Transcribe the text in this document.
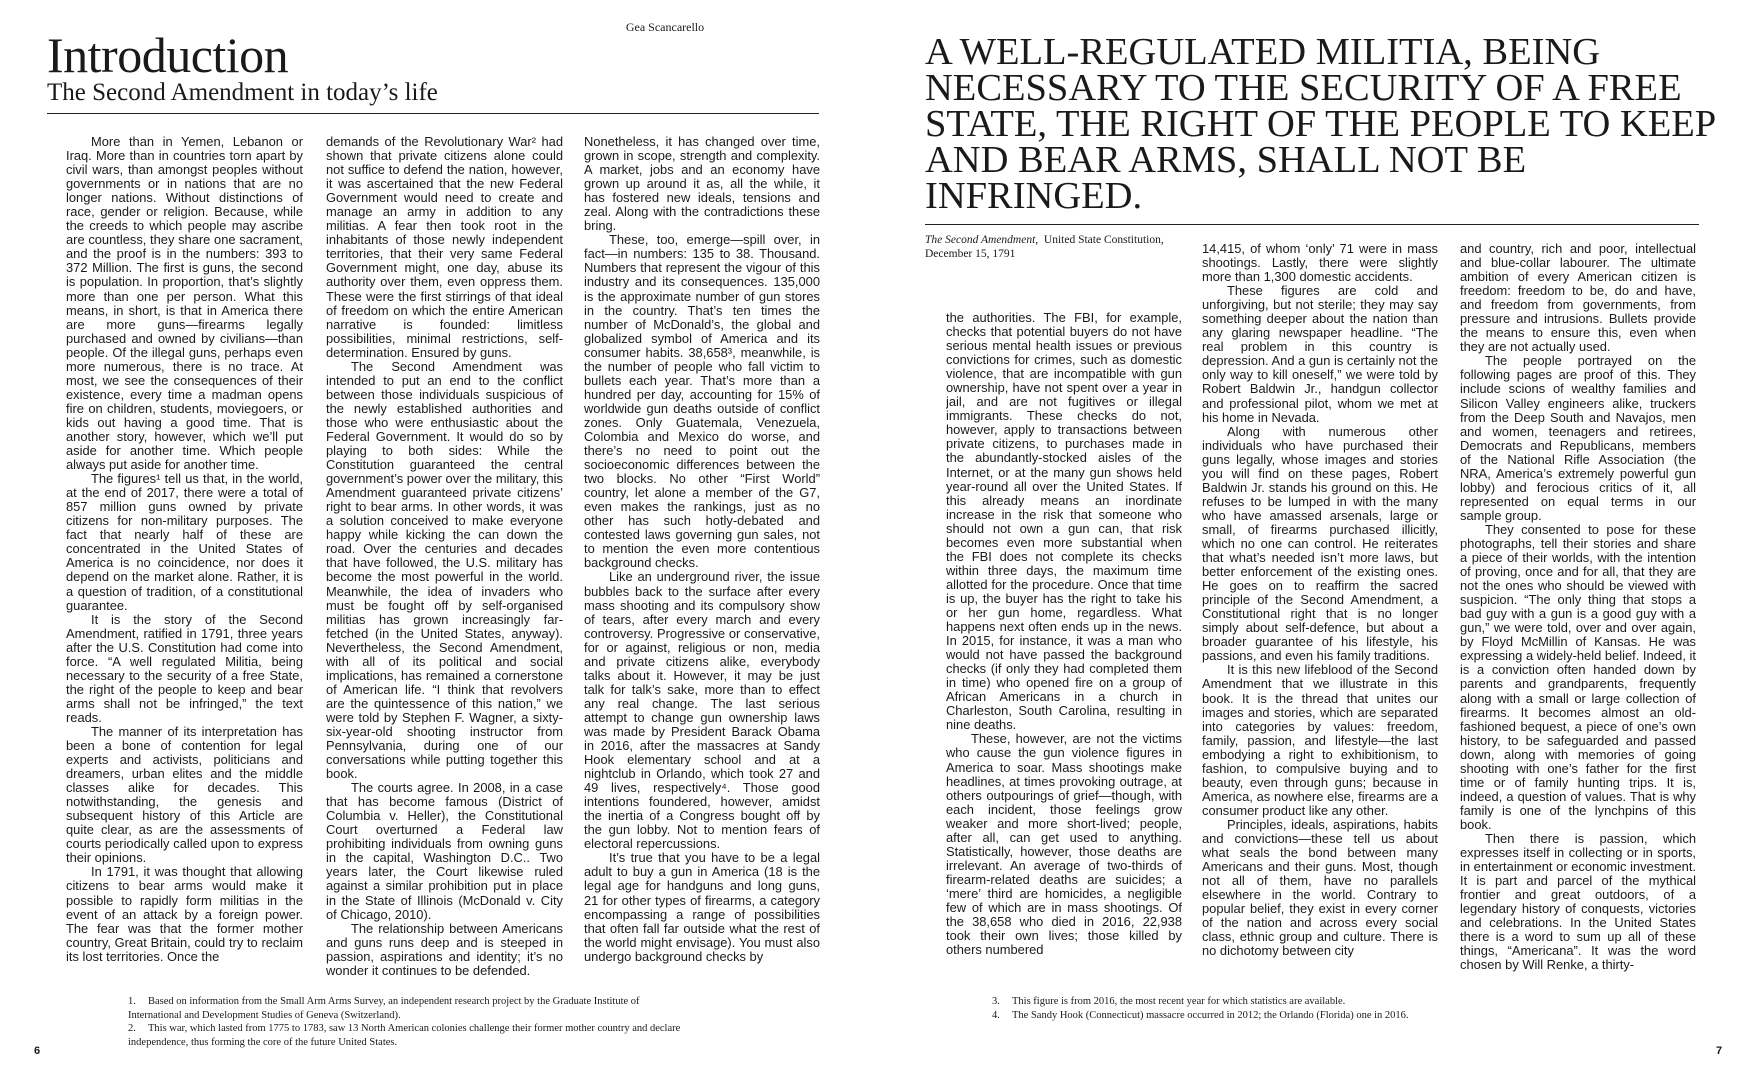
Gea Scancarello
Introduction
The Second Amendment in today’s life

More than in Yemen, Lebanon or Iraq. More than in countries torn apart by civil wars, than amongst peoples without governments or in nations that are no longer nations. Without distinctions of race, gender or religion. Because, while the creeds to which people may ascribe are countless, they share one sacrament, and the proof is in the numbers: 393 to 372 Million. The first is guns, the second is population. In proportion, that’s slightly more than one per person. What this means, in short, is that in America there are more guns—firearms legally purchased and owned by civilians—than people. Of the illegal guns, perhaps even more numerous, there is no trace. At most, we see the consequences of their existence, every time a madman opens fire on children, students, moviegoers, or kids out having a good time. That is another story, however, which we’ll put aside for another time. Which people always put aside for another time.

The figures¹ tell us that, in the world, at the end of 2017, there were a total of 857 million guns owned by private citizens for non-military purposes. The fact that nearly half of these are concentrated in the United States of America is no coincidence, nor does it depend on the market alone. Rather, it is a question of tradition, of a constitutional guarantee.

It is the story of the Second Amendment, ratified in 1791, three years after the U.S. Constitution had come into force. “A well regulated Militia, being necessary to the security of a free State, the right of the people to keep and bear arms shall not be infringed,” the text reads.

The manner of its interpretation has been a bone of contention for legal experts and activists, politicians and dreamers, urban elites and the middle classes alike for decades. This notwithstanding, the genesis and subsequent history of this Article are quite clear, as are the assessments of courts periodically called upon to express their opinions.

In 1791, it was thought that allowing citizens to bear arms would make it possible to rapidly form militias in the event of an attack by a foreign power. The fear was that the former mother country, Great Britain, could try to reclaim its lost territories. Once the

demands of the Revolutionary War² had shown that private citizens alone could not suffice to defend the nation, however, it was ascertained that the new Federal Government would need to create and manage an army in addition to any militias. A fear then took root in the inhabitants of those newly independent territories, that their very same Federal Government might, one day, abuse its authority over them, even oppress them. These were the first stirrings of that ideal of freedom on which the entire American narrative is founded: limitless possibilities, minimal restrictions, self-determination. Ensured by guns.

The Second Amendment was intended to put an end to the conflict between those individuals suspicious of the newly established authorities and those who were enthusiastic about the Federal Government. It would do so by playing to both sides: While the Constitution guaranteed the central government’s power over the military, this Amendment guaranteed private citizens’ right to bear arms. In other words, it was a solution conceived to make everyone happy while kicking the can down the road. Over the centuries and decades that have followed, the U.S. military has become the most powerful in the world. Meanwhile, the idea of invaders who must be fought off by self-organised militias has grown increasingly far-fetched (in the United States, anyway). Nevertheless, the Second Amendment, with all of its political and social implications, has remained a cornerstone of American life. “I think that revolvers are the quintessence of this nation,” we were told by Stephen F. Wagner, a sixty-six-year-old shooting instructor from Pennsylvania, during one of our conversations while putting together this book.

The courts agree. In 2008, in a case that has become famous (District of Columbia v. Heller), the Constitutional Court overturned a Federal law prohibiting individuals from owning guns in the capital, Washington D.C.. Two years later, the Court likewise ruled against a similar prohibition put in place in the State of Illinois (McDonald v. City of Chicago, 2010).

The relationship between Americans and guns runs deep and is steeped in passion, aspirations and identity; it’s no wonder it continues to be defended.

Nonetheless, it has changed over time, grown in scope, strength and complexity. A market, jobs and an economy have grown up around it as, all the while, it has fostered new ideals, tensions and zeal. Along with the contradictions these bring.

These, too, emerge—spill over, in fact—in numbers: 135 to 38. Thousand. Numbers that represent the vigour of this industry and its consequences. 135,000 is the approximate number of gun stores in the country. That’s ten times the number of McDonald’s, the global and globalized symbol of America and its consumer habits. 38,658³, meanwhile, is the number of people who fall victim to bullets each year. That’s more than a hundred per day, accounting for 15% of worldwide gun deaths outside of conflict zones. Only Guatemala, Venezuela, Colombia and Mexico do worse, and there’s no need to point out the socioeconomic differences between the two blocks. No other “First World” country, let alone a member of the G7, even makes the rankings, just as no other has such hotly-debated and contested laws governing gun sales, not to mention the even more contentious background checks.

Like an underground river, the issue bubbles back to the surface after every mass shooting and its compulsory show of tears, after every march and every controversy. Progressive or conservative, for or against, religious or non, media and private citizens alike, everybody talks about it. However, it may be just talk for talk’s sake, more than to effect any real change. The last serious attempt to change gun ownership laws was made by President Barack Obama in 2016, after the massacres at Sandy Hook elementary school and at a nightclub in Orlando, which took 27 and 49 lives, respectively⁴. Those good intentions foundered, however, amidst the inertia of a Congress bought off by the gun lobby. Not to mention fears of electoral repercussions.

It’s true that you have to be a legal adult to buy a gun in America (18 is the legal age for handguns and long guns, 21 for other types of firearms, a category encompassing a range of possibilities that often fall far outside what the rest of the world might envisage). You must also undergo background checks by

1. Based on information from the Small Arm Arms Survey, an independent research project by the Graduate Institute of International and Development Studies of Geneva (Switzerland).
2. This war, which lasted from 1775 to 1783, saw 13 North American colonies challenge their former mother country and declare independence, thus forming the core of the future United States.
6
A WELL-REGULATED MILITIA, BEING NECESSARY TO THE SECURITY OF A FREE STATE, THE RIGHT OF THE PEOPLE TO KEEP AND BEAR ARMS, SHALL NOT BE INFRINGED.
The Second Amendment, United State Constitution, December 15, 1791

the authorities. The FBI, for example, checks that potential buyers do not have serious mental health issues or previous convictions for crimes, such as domestic violence, that are incompatible with gun ownership, have not spent over a year in jail, and are not fugitives or illegal immigrants. These checks do not, however, apply to transactions between private citizens, to purchases made in the abundantly-stocked aisles of the Internet, or at the many gun shows held year-round all over the United States. If this already means an inordinate increase in the risk that someone who should not own a gun can, that risk becomes even more substantial when the FBI does not complete its checks within three days, the maximum time allotted for the procedure. Once that time is up, the buyer has the right to take his or her gun home, regardless. What happens next often ends up in the news. In 2015, for instance, it was a man who would not have passed the background checks (if only they had completed them in time) who opened fire on a group of African Americans in a church in Charleston, South Carolina, resulting in nine deaths.

These, however, are not the victims who cause the gun violence figures in America to soar. Mass shootings make headlines, at times provoking outrage, at others outpourings of grief—though, with each incident, those feelings grow weaker and more short-lived; people, after all, can get used to anything. Statistically, however, those deaths are irrelevant. An average of two-thirds of firearm-related deaths are suicides; a ‘mere’ third are homicides, a negligible few of which are in mass shootings. Of the 38,658 who died in 2016, 22,938 took their own lives; those killed by others numbered

14,415, of whom ‘only’ 71 were in mass shootings. Lastly, there were slightly more than 1,300 domestic accidents.

These figures are cold and unforgiving, but not sterile; they may say something deeper about the nation than any glaring newspaper headline. “The real problem in this country is depression. And a gun is certainly not the only way to kill oneself,” we were told by Robert Baldwin Jr., handgun collector and professional pilot, whom we met at his home in Nevada.

Along with numerous other individuals who have purchased their guns legally, whose images and stories you will find on these pages, Robert Baldwin Jr. stands his ground on this. He refuses to be lumped in with the many who have amassed arsenals, large or small, of firearms purchased illicitly, which no one can control. He reiterates that what’s needed isn’t more laws, but better enforcement of the existing ones. He goes on to reaffirm the sacred principle of the Second Amendment, a Constitutional right that is no longer simply about self-defence, but about a broader guarantee of his lifestyle, his passions, and even his family traditions.

It is this new lifeblood of the Second Amendment that we illustrate in this book. It is the thread that unites our images and stories, which are separated into categories by values: freedom, family, passion, and lifestyle—the last embodying a right to exhibitionism, to fashion, to compulsive buying and to beauty, even through guns; because in America, as nowhere else, firearms are a consumer product like any other.

Principles, ideals, aspirations, habits and convictions—these tell us about what seals the bond between many Americans and their guns. Most, though not all of them, have no parallels elsewhere in the world. Contrary to popular belief, they exist in every corner of the nation and across every social class, ethnic group and culture. There is no dichotomy between city

and country, rich and poor, intellectual and blue-collar labourer. The ultimate ambition of every American citizen is freedom: freedom to be, do and have, and freedom from governments, from pressure and intrusions. Bullets provide the means to ensure this, even when they are not actually used.

The people portrayed on the following pages are proof of this. They include scions of wealthy families and Silicon Valley engineers alike, truckers from the Deep South and Navajos, men and women, teenagers and retirees, Democrats and Republicans, members of the National Rifle Association (the NRA, America’s extremely powerful gun lobby) and ferocious critics of it, all represented on equal terms in our sample group.

They consented to pose for these photographs, tell their stories and share a piece of their worlds, with the intention of proving, once and for all, that they are not the ones who should be viewed with suspicion. “The only thing that stops a bad guy with a gun is a good guy with a gun,” we were told, over and over again, by Floyd McMillin of Kansas. He was expressing a widely-held belief. Indeed, it is a conviction often handed down by parents and grandparents, frequently along with a small or large collection of firearms. It becomes almost an old-fashioned bequest, a piece of one’s own history, to be safeguarded and passed down, along with memories of going shooting with one’s father for the first time or of family hunting trips. It is, indeed, a question of values. That is why family is one of the lynchpins of this book.

Then there is passion, which expresses itself in collecting or in sports, in entertainment or economic investment. It is part and parcel of the mythical frontier and great outdoors, of a legendary history of conquests, victories and celebrations. In the United States there is a word to sum up all of these things, “Americana”. It was the word chosen by Will Renke, a thirty-

3. This figure is from 2016, the most recent year for which statistics are available.
4. The Sandy Hook (Connecticut) massacre occurred in 2012; the Orlando (Florida) one in 2016.
7
